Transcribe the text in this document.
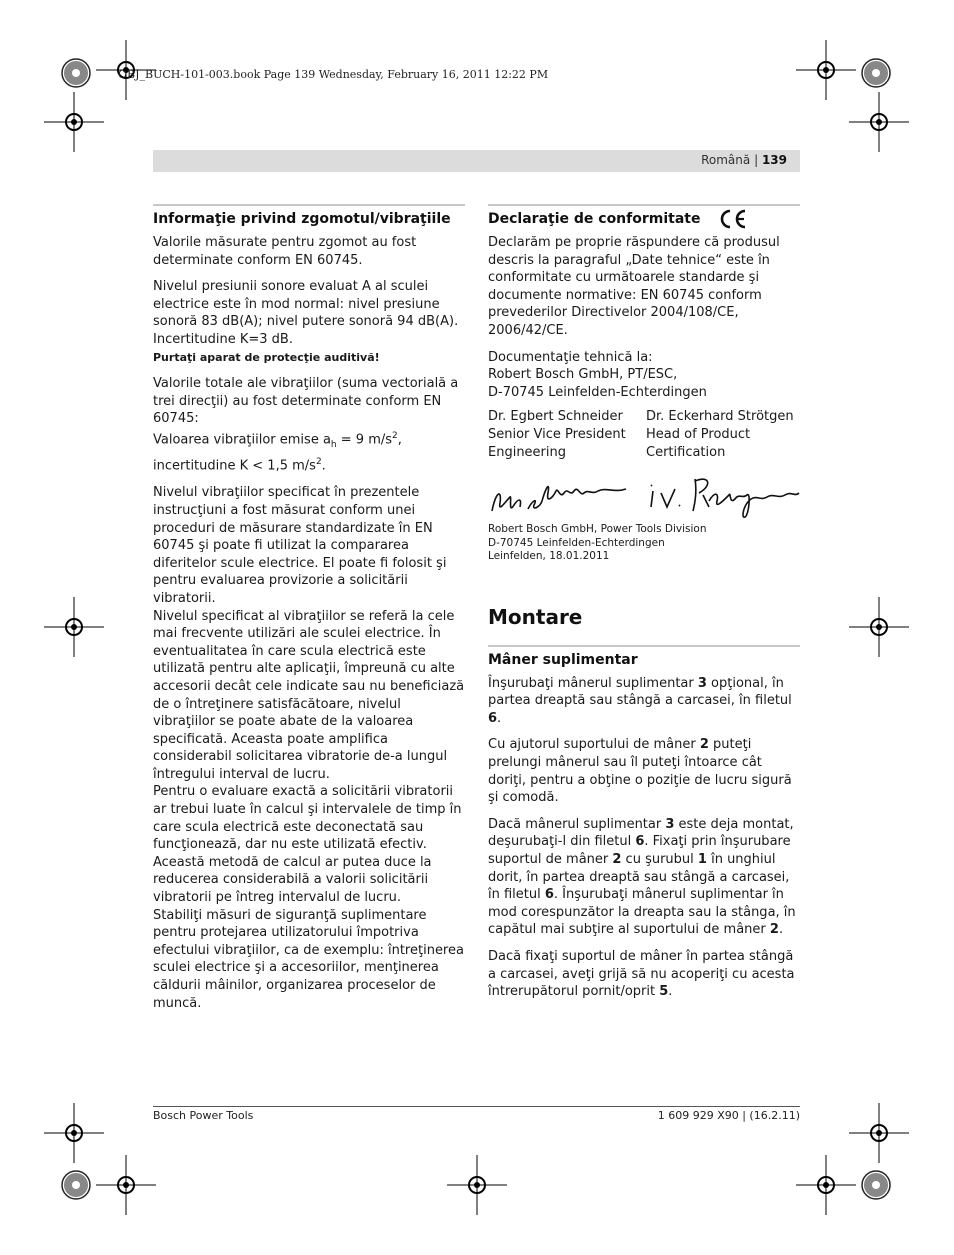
OBJ_BUCH-101-003.book Page 139 Wednesday, February 16, 2011 12:22 PM
Română | 139
Informaţie privind zgomotul/vibraţiile

Valorile măsurate pentru zgomot au fost determinate conform EN 60745.

Nivelul presiunii sonore evaluat A al sculei electrice este în mod normal: nivel presiune sonoră 83 dB(A); nivel putere sonoră 94 dB(A).

Incertitudine K=3 dB.

Purtaţi aparat de protecţie auditivă!

Valorile totale ale vibraţiilor (suma vectorială a trei direcţii) au fost determinate conform EN 60745:

Valoarea vibraţiilor emise $a_h = 9$ $m/s^2$,

incertitudine K < 1,5 $m/s^2$.

Nivelul vibraţiilor specificat în prezentele instrucţiuni a fost măsurat conform unei proceduri de măsurare standardizate în EN 60745 şi poate fi utilizat la compararea diferitelor scule electrice. El poate fi folosit şi pentru evaluarea provizorie a solicitării vibratorii.

Nivelul specificat al vibraţiilor se referă la cele mai frecvente utilizări ale sculei electrice. În eventualitatea în care scula electrică este utilizată pentru alte aplicaţii, împreună cu alte accesorii decât cele indicate sau nu beneficiază de o întreţinere satisfăcătoare, nivelul vibraţiilor se poate abate de la valoarea specificată. Aceasta poate amplifica considerabil solicitarea vibratorie de-a lungul întregului interval de lucru.

Pentru o evaluare exactă a solicitării vibratorii ar trebui luate în calcul şi intervalele de timp în care scula electrică este deconectată sau funcţionează, dar nu este utilizată efectiv. Această metodă de calcul ar putea duce la reducerea considerabilă a valorii solicitării vibratorii pe întreg intervalul de lucru.

Stabiliţi măsuri de siguranţă suplimentare pentru protejarea utilizatorului împotriva efectului vibraţiilor, ca de exemplu: întreţinerea sculei electrice şi a accesoriilor, menţinerea căldurii mâinilor, organizarea proceselor de muncă.

Declaraţie de conformitate

Declarăm pe proprie răspundere că produsul descris la paragraful „Date tehnice“ este în conformitate cu următoarele standarde şi documente normative: EN 60745 conform prevederilor Directivelor 2004/108/CE, 2006/42/CE.

Documentaţie tehnică la:

Robert Bosch GmbH, PT/ESC,

D-70745 Leinfelden-Echterdingen

Dr. Egbert Schneider
Senior Vice President
Engineering
Dr. Eckerhard Strötgen
Head of Product
Certification
Robert Bosch GmbH, Power Tools Division
D-70745 Leinfelden-Echterdingen
Leinfelden, 18.01.2011
Montare
Mâner suplimentar

Înşurubaţi mânerul suplimentar 3 opţional, în partea dreaptă sau stângă a carcasei, în filetul 6.

Cu ajutorul suportului de mâner 2 puteţi prelungi mânerul sau îl puteţi întoarce cât doriţi, pentru a obţine o poziţie de lucru sigură şi comodă.

Dacă mânerul suplimentar 3 este deja montat, deşurubaţi-l din filetul 6. Fixaţi prin înşurubare suportul de mâner 2 cu şurubul 1 în unghiul dorit, în partea dreaptă sau stângă a carcasei, în filetul 6. Înşurubaţi mânerul suplimentar în mod corespunzător la dreapta sau la stânga, în capătul mai subţire al suportului de mâner 2.

Dacă fixaţi suportul de mâner în partea stângă a carcasei, aveţi grijă să nu acoperiţi cu acesta întrerupătorul pornit/oprit 5.

Bosch Power Tools	1 609 929 X90 | (16.2.11)
